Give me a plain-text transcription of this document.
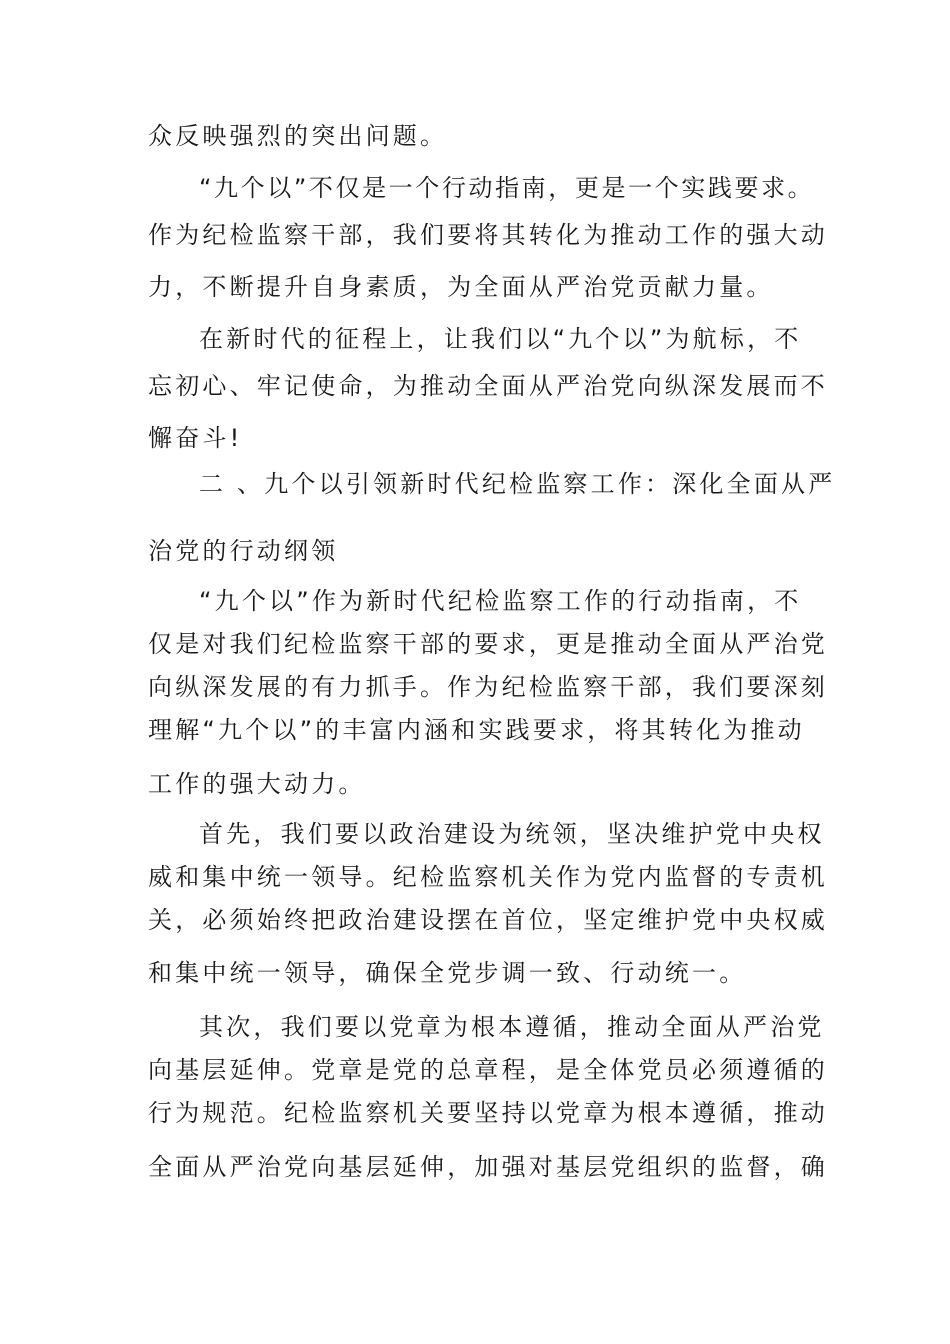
众反映强烈的突出问题。
“九个以”不仅是一个行动指南，更是一个实践要求。
作为纪检监察干部，我们要将其转化为推动工作的强大动
力，不断提升自身素质，为全面从严治党贡献力量。
在新时代的征程上，让我们以“九个以”为航标，不
忘初心、牢记使命，为推动全面从严治党向纵深发展而不
懈奋斗!
二 、九个以引领新时代纪检监察工作：深化全面从严
治党的行动纲领
“九个以”作为新时代纪检监察工作的行动指南，不
仅是对我们纪检监察干部的要求，更是推动全面从严治党
向纵深发展的有力抓手。作为纪检监察干部，我们要深刻
理解“九个以”的丰富内涵和实践要求，将其转化为推动
工作的强大动力。
首先，我们要以政治建设为统领，坚决维护党中央权
威和集中统一领导。纪检监察机关作为党内监督的专责机
关，必须始终把政治建设摆在首位，坚定维护党中央权威
和集中统一领导，确保全党步调一致、行动统一。
其次，我们要以党章为根本遵循，推动全面从严治党
向基层延伸。党章是党的总章程，是全体党员必须遵循的
行为规范。纪检监察机关要坚持以党章为根本遵循，推动
全面从严治党向基层延伸，加强对基层党组织的监督，确
